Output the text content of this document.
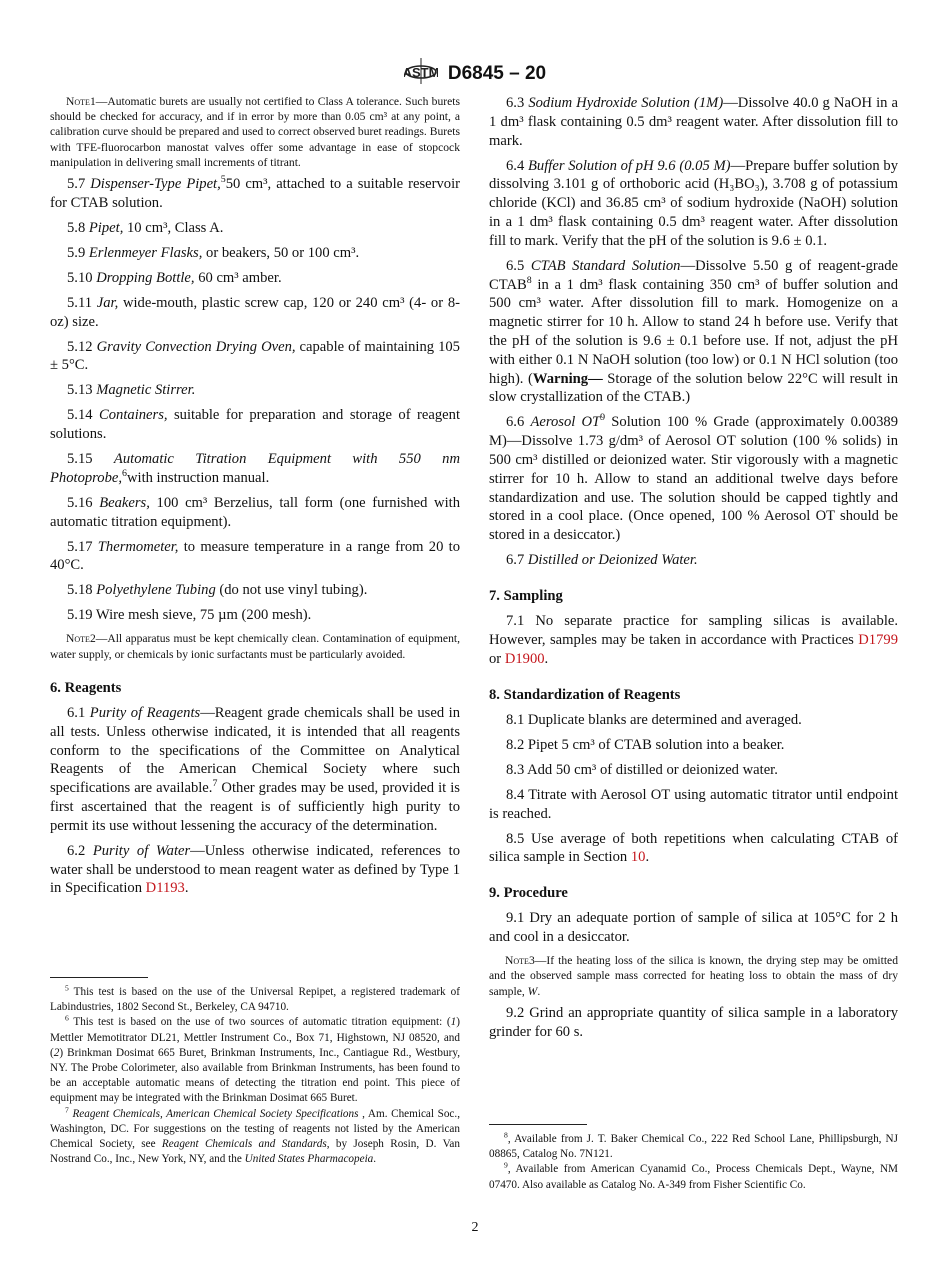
ASTM D6845 – 20
Note1—Automatic burets are usually not certified to Class A tolerance. Such burets should be checked for accuracy, and if in error by more than 0.05 cm³ at any point, a calibration curve should be prepared and used to correct observed buret readings. Burets with TFE-fluorocarbon manostat valves offer some advantage in ease of stopcock manipulation in delivering small increments of titrant.
5.7 Dispenser-Type Pipet,$^5$50 cm³, attached to a suitable reservoir for CTAB solution.
5.8 Pipet, 10 cm³, Class A.
5.9 Erlenmeyer Flasks, or beakers, 50 or 100 cm³.
5.10 Dropping Bottle, 60 cm³ amber.
5.11 Jar, wide-mouth, plastic screw cap, 120 or 240 cm³ (4- or 8-oz) size.
5.12 Gravity Convection Drying Oven, capable of maintaining 105 ± 5°C.
5.13 Magnetic Stirrer.
5.14 Containers, suitable for preparation and storage of reagent solutions.
5.15 Automatic Titration Equipment with 550 nm Photoprobe,$^6$with instruction manual.
5.16 Beakers, 100 cm³ Berzelius, tall form (one furnished with automatic titration equipment).
5.17 Thermometer, to measure temperature in a range from 20 to 40°C.
5.18 Polyethylene Tubing (do not use vinyl tubing).
5.19 Wire mesh sieve, 75 µm (200 mesh).
Note2—All apparatus must be kept chemically clean. Contamination of equipment, water supply, or chemicals by ionic surfactants must be particularly avoided.
6. Reagents
6.1 Purity of Reagents—Reagent grade chemicals shall be used in all tests. Unless otherwise indicated, it is intended that all reagents conform to the specifications of the Committee on Analytical Reagents of the American Chemical Society where such specifications are available.$^7$ Other grades may be used, provided it is first ascertained that the reagent is of sufficiently high purity to permit its use without lessening the accuracy of the determination.
6.2 Purity of Water—Unless otherwise indicated, references to water shall be understood to mean reagent water as defined by Type 1 in Specification D1193.
6.3 Sodium Hydroxide Solution (1M)—Dissolve 40.0 g NaOH in a 1 dm³ flask containing 0.5 dm³ reagent water. After dissolution fill to mark.
6.4 Buffer Solution of pH 9.6 (0.05 M)—Prepare buffer solution by dissolving 3.101 g of orthoboric acid (H₃BO₃), 3.708 g of potassium chloride (KCl) and 36.85 cm³ of sodium hydroxide (NaOH) solution in a 1 dm³ flask containing 0.5 dm³ reagent water. After dissolution fill to mark. Verify that the pH of the solution is 9.6 ± 0.1.
6.5 CTAB Standard Solution—Dissolve 5.50 g of reagent-grade CTAB$^8$ in a 1 dm³ flask containing 350 cm³ of buffer solution and 500 cm³ water. After dissolution fill to mark. Homogenize on a magnetic stirrer for 10 h. Allow to stand 24 h before use. Verify that the pH of the solution is 9.6 ± 0.1 before use. If not, adjust the pH with either 0.1 N NaOH solution (too low) or 0.1 N HCl solution (too high). (Warning— Storage of the solution below 22°C will result in slow crystallization of the CTAB.)
6.6 Aerosol $OT^9$ Solution 100 % Grade (approximately 0.00389 M)—Dissolve 1.73 g/dm³ of Aerosol OT solution (100 % solids) in 500 cm³ distilled or deionized water. Stir vigorously with a magnetic stirrer for 10 h. Allow to stand an additional twelve days before standardization and use. The solution should be capped tightly and stored in a cool place. (Once opened, 100 % Aerosol OT should be stored in a desiccator.)
6.7 Distilled or Deionized Water.
7. Sampling
7.1 No separate practice for sampling silicas is available. However, samples may be taken in accordance with Practices D1799 or D1900.
8. Standardization of Reagents
8.1 Duplicate blanks are determined and averaged.
8.2 Pipet 5 cm³ of CTAB solution into a beaker.
8.3 Add 50 cm³ of distilled or deionized water.
8.4 Titrate with Aerosol OT using automatic titrator until endpoint is reached.
8.5 Use average of both repetitions when calculating CTAB of silica sample in Section 10.
9. Procedure
9.1 Dry an adequate portion of sample of silica at 105°C for 2 h and cool in a desiccator.
Note3—If the heating loss of the silica is known, the drying step may be omitted and the observed sample mass corrected for heating loss to obtain the mass of dry sample, W.
9.2 Grind an appropriate quantity of silica sample in a laboratory grinder for 60 s.
$^5$ This test is based on the use of the Universal Repipet, a registered trademark of Labindustries, 1802 Second St., Berkeley, CA 94710.
$^6$ This test is based on the use of two sources of automatic titration equipment: (1) Mettler Memotitrator DL21, Mettler Instrument Co., Box 71, Highstown, NJ 08520, and (2) Brinkman Dosimat 665 Buret, Brinkman Instruments, Inc., Cantiague Rd., Westbury, NY. The Probe Colorimeter, also available from Brinkman Instruments, has been found to be an acceptable automatic means of detecting the titration end point. This piece of equipment may be integrated with the Brinkman Dosimat 665 Buret.
$^7$ Reagent Chemicals, American Chemical Society Specifications , Am. Chemical Soc., Washington, DC. For suggestions on the testing of reagents not listed by the American Chemical Society, see Reagent Chemicals and Standards, by Joseph Rosin, D. Van Nostrand Co., Inc., New York, NY, and the United States Pharmacopeia.
$^8$, Available from J. T. Baker Chemical Co., 222 Red School Lane, Phillipsburgh, NJ 08865, Catalog No. 7N121.
$^9$, Available from American Cyanamid Co., Process Chemicals Dept., Wayne, NM 07470. Also available as Catalog No. A-349 from Fisher Scientific Co.
2
